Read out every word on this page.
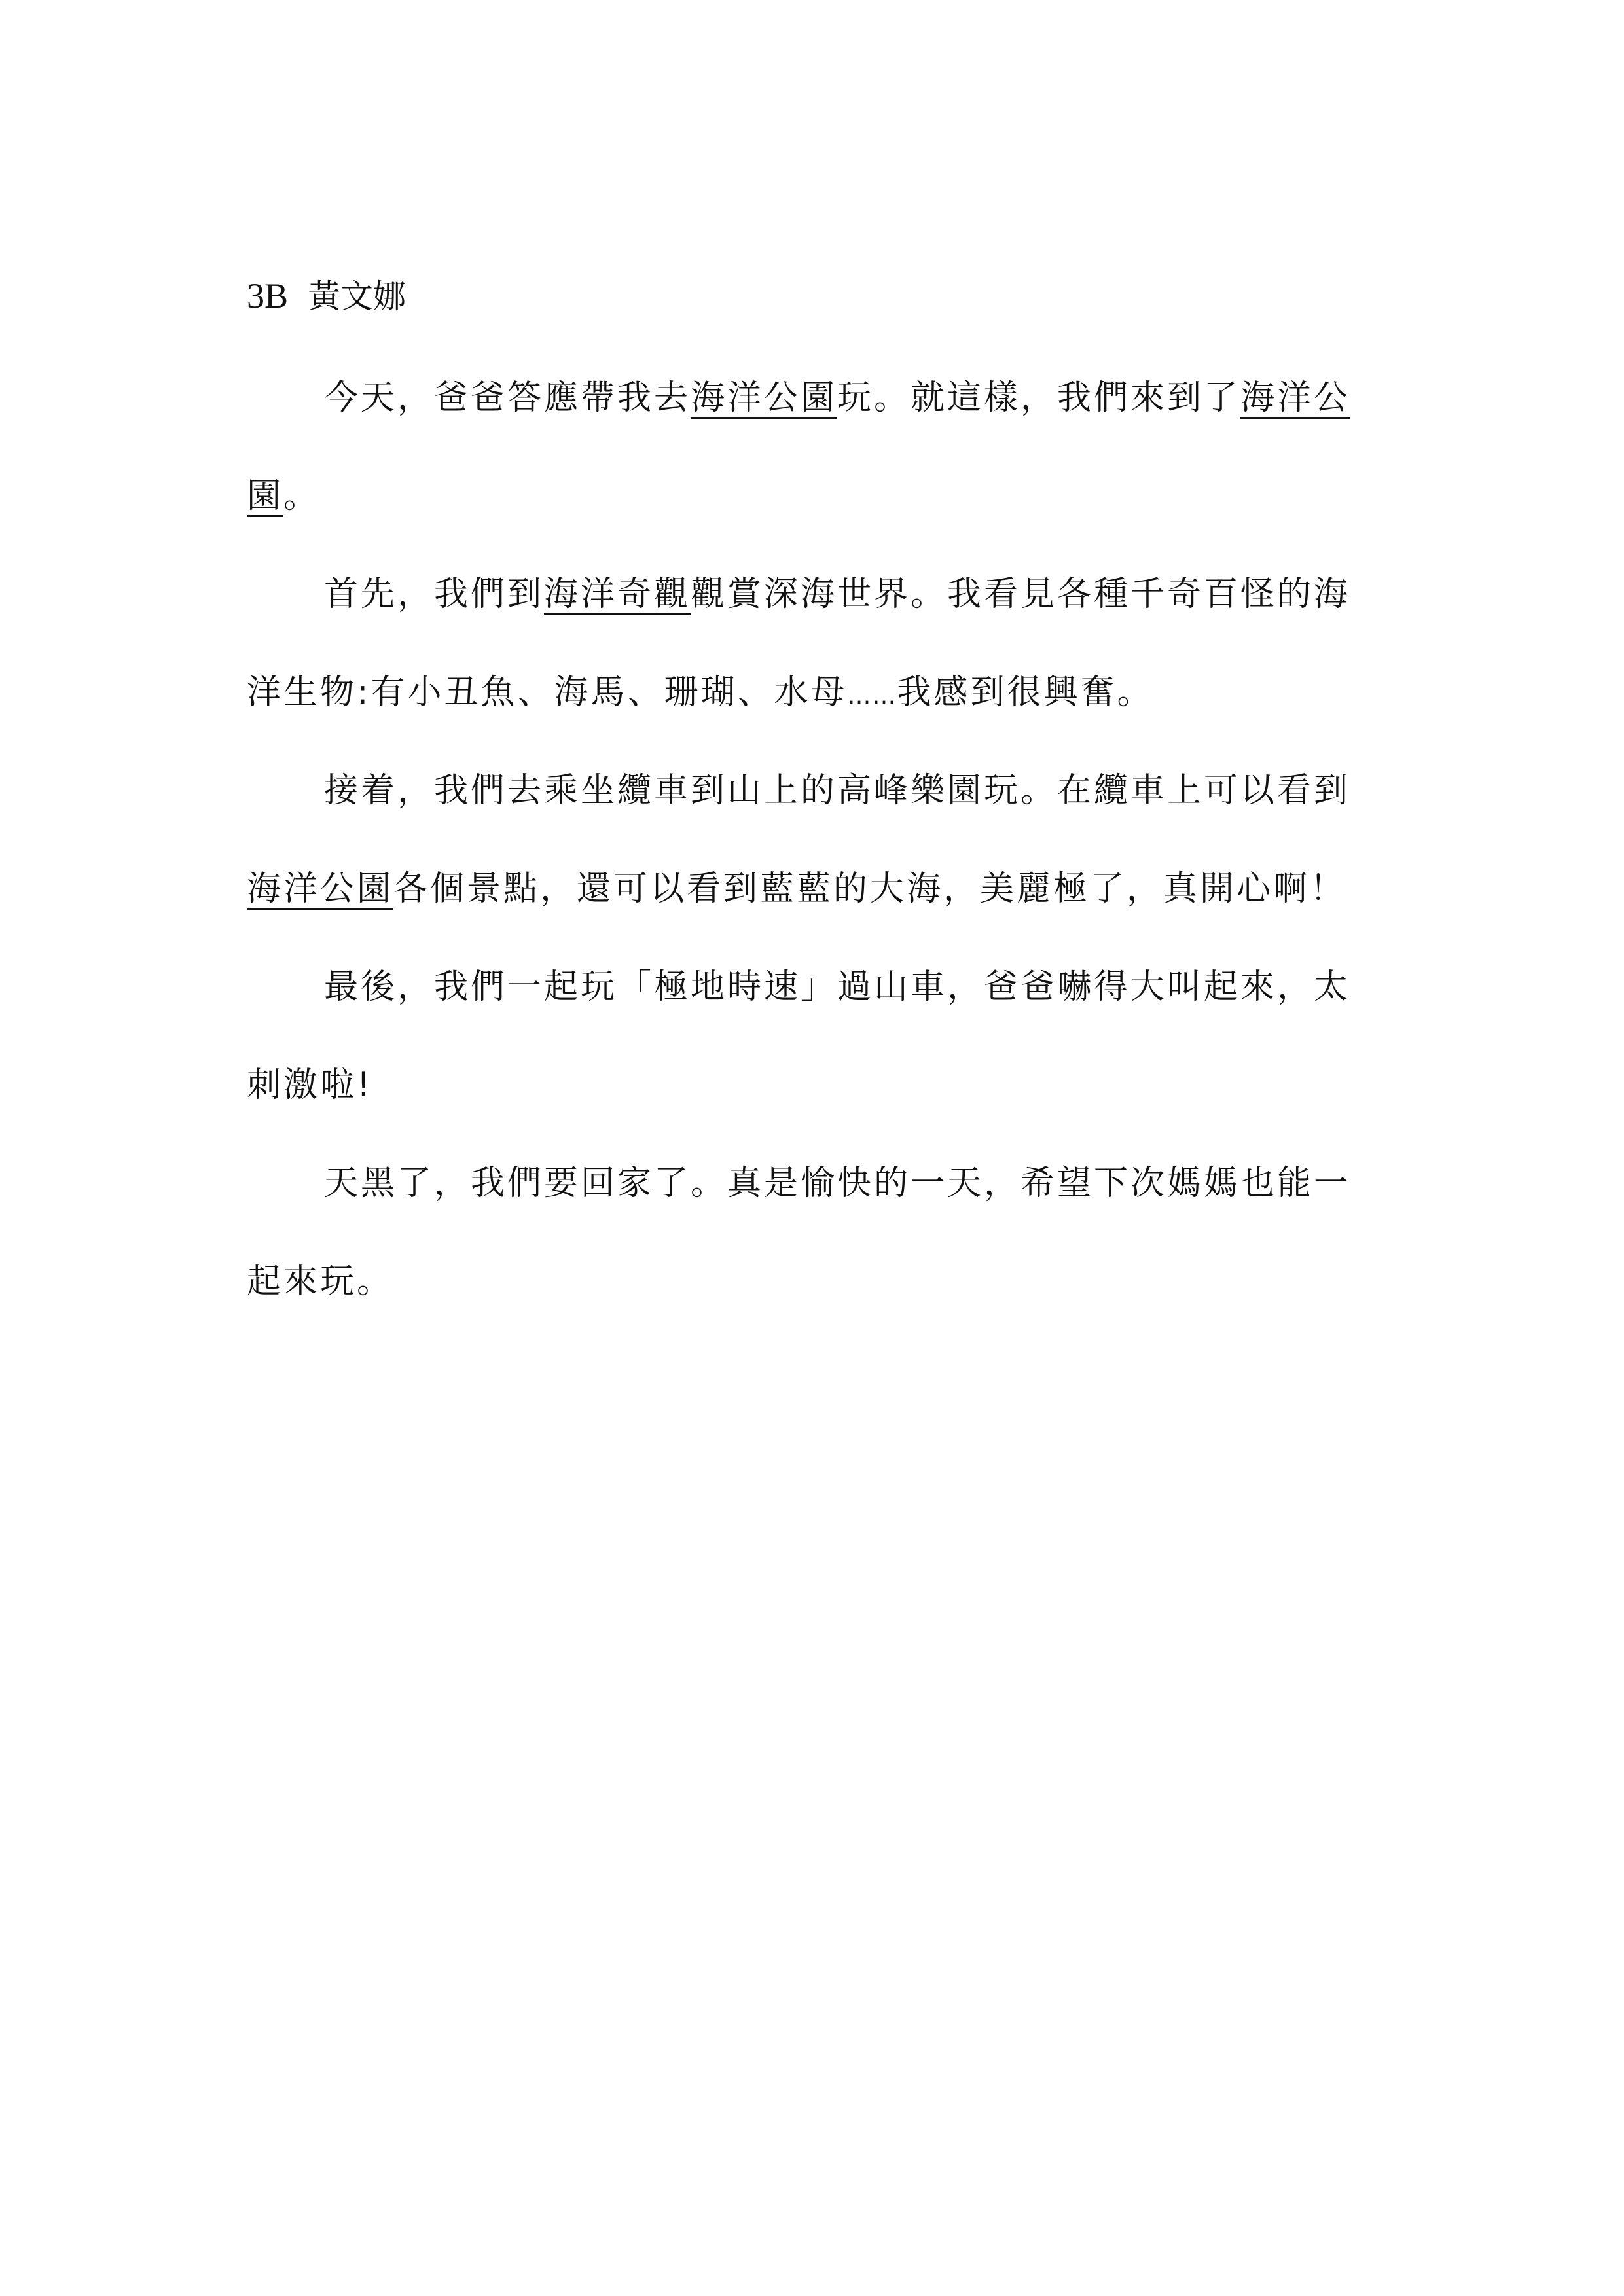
3B 黃文娜
今天，爸爸答應帶我去海洋公園玩。就這樣，我們來到了海洋公
園。
首先，我們到海洋奇觀觀賞深海世界。我看見各種千奇百怪的海
洋生物:有小丑魚、海馬、珊瑚、水母……我感到很興奮。
接着，我們去乘坐纜車到山上的高峰樂園玩。在纜車上可以看到
海洋公園各個景點，還可以看到藍藍的大海，美麗極了，真開心啊！
最後，我們一起玩「極地時速」過山車，爸爸嚇得大叫起來，太
刺激啦!
天黑了，我們要回家了。真是愉快的一天，希望下次媽媽也能一
起來玩。
